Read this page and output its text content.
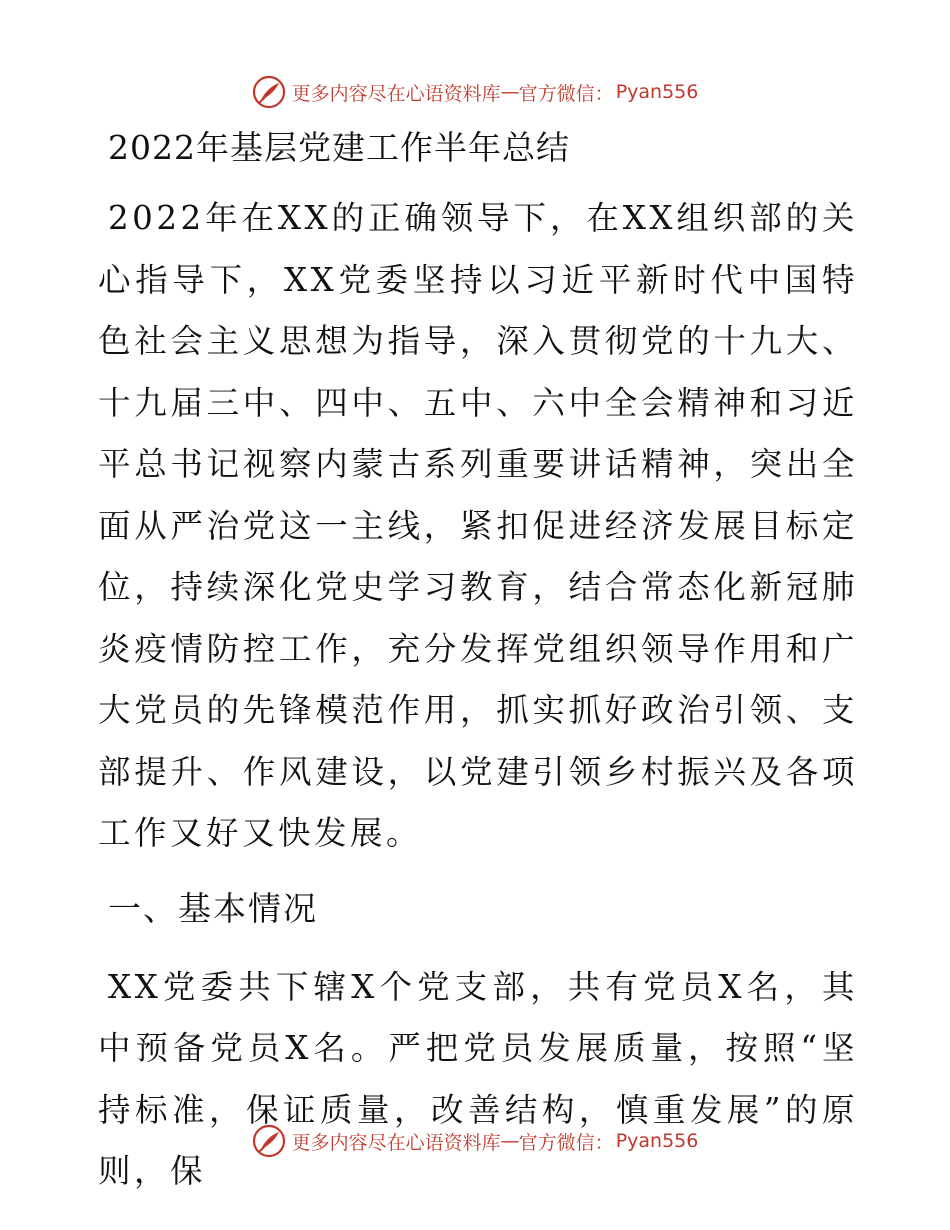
更多内容尽在心语资料库 — 官方微信： Pyan556
2022年基层党建工作半年总结

2022年在XX的正确领导下，在XX组织部的关心指导下，XX党委坚持以习近平新时代中国特色社会主义思想为指导，深入贯彻党的十九大、十九届三中、四中、五中、六中全会精神和习近平总书记视察内蒙古系列重要讲话精神，突出全面从严治党这一主线，紧扣促进经济发展目标定位，持续深化党史学习教育，结合常态化新冠肺炎疫情防控工作，充分发挥党组织领导作用和广大党员的先锋模范作用，抓实抓好政治引领、支部提升、作风建设，以党建引领乡村振兴及各项工作又好又快发展。

一、基本情况

XX党委共下辖X个党支部，共有党员X名，其中预备党员X名。严把党员发展质量，按照“坚持标准，保证质量，改善结构，慎重发展”的原则，保

更多内容尽在心语资料库 — 官方微信： Pyan556
